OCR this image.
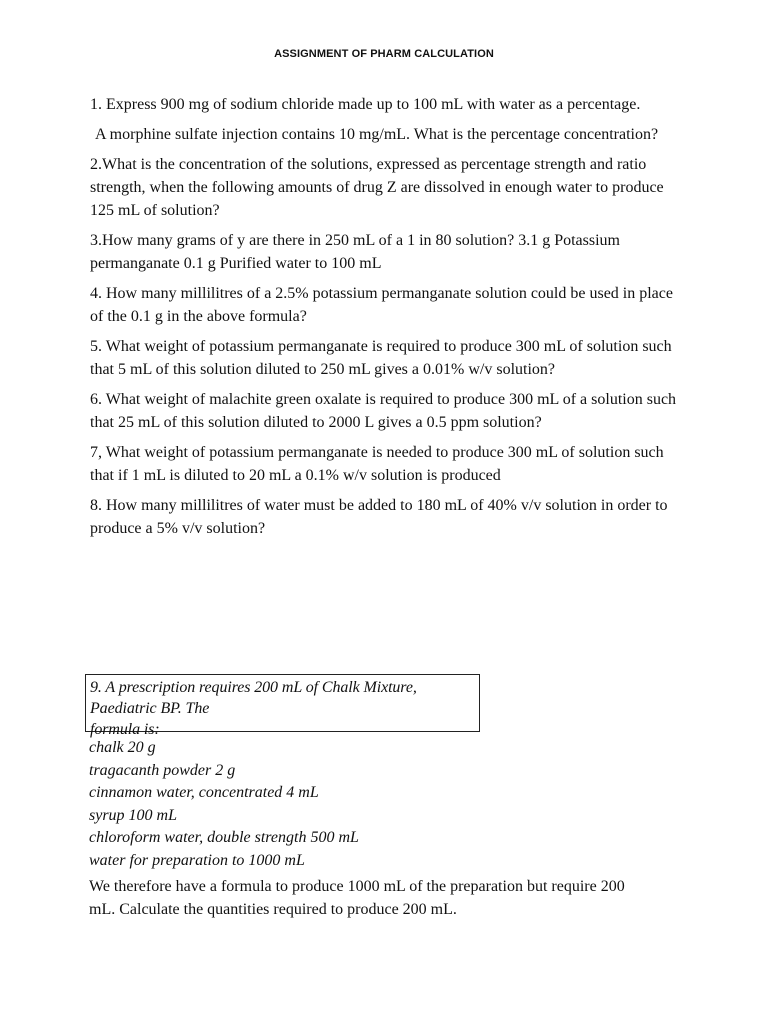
ASSIGNMENT OF PHARM CALCULATION

1. Express 900 mg of sodium chloride made up to 100 mL with water as a percentage.

A morphine sulfate injection contains 10 mg/mL. What is the percentage concentration?

2.What is the concentration of the solutions, expressed as percentage strength and ratio strength, when the following amounts of drug Z are dissolved in enough water to produce 125 mL of solution?

3.How many grams of y are there in 250 mL of a 1 in 80 solution? 3.1 g Potassium permanganate 0.1 g Purified water to 100 mL

4. How many millilitres of a 2.5% potassium permanganate solution could be used in place of the 0.1 g in the above formula?

5. What weight of potassium permanganate is required to produce 300 mL of solution such that 5 mL of this solution diluted to 250 mL gives a 0.01% w/v solution?

6. What weight of malachite green oxalate is required to produce 300 mL of a solution such that 25 mL of this solution diluted to 2000 L gives a 0.5 ppm solution?

7, What weight of potassium permanganate is needed to produce 300 mL of solution such that if 1 mL is diluted to 20 mL a 0.1% w/v solution is produced

8. How many millilitres of water must be added to 180 mL of 40% v/v solution in order to produce a 5% v/v solution?

9. A prescription requires 200 mL of Chalk Mixture,
Paediatric BP. The
formula is:
chalk 20 g
tragacanth powder 2 g
cinnamon water, concentrated 4 mL
syrup 100 mL
chloroform water, double strength 500 mL
water for preparation to 1000 mL
We therefore have a formula to produce 1000 mL of the preparation but require 200 mL. Calculate the quantities required to produce 200 mL.
